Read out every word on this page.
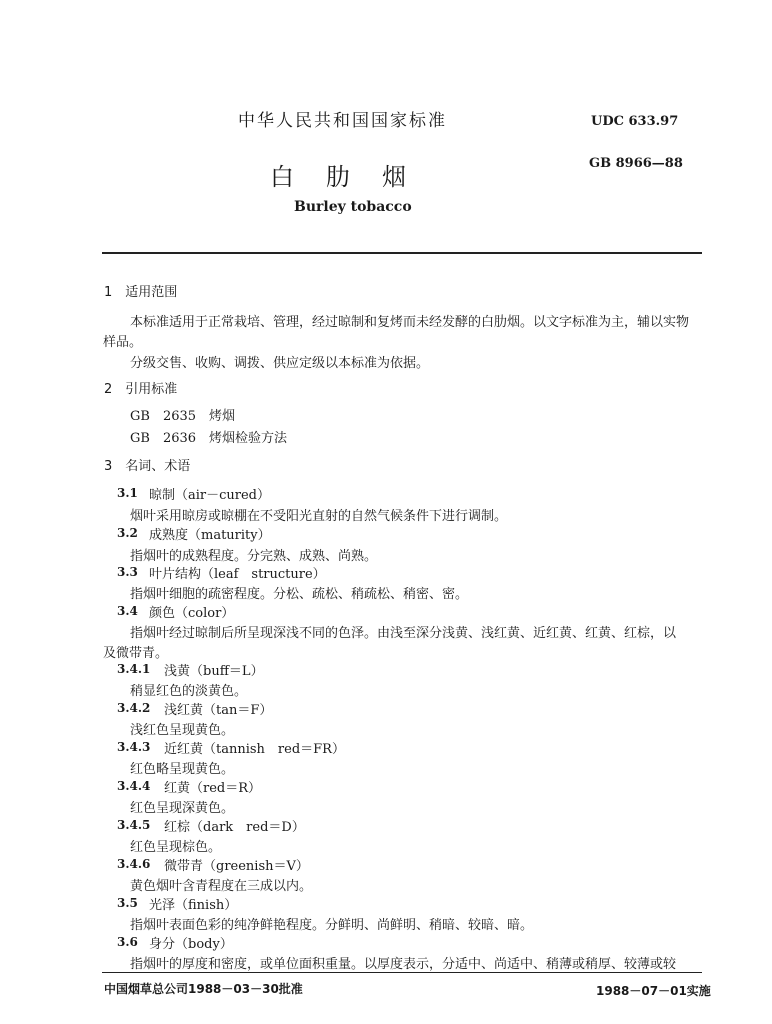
中华人民共和国国家标准	UDC 633.97
GB 8966—88
白　肋　烟
Burley tobacco
1　适用范围
本标准适用于正常栽培、管理，经过晾制和复烤而未经发酵的白肋烟。以文字标准为主，辅以实物
样品。
分级交售、收购、调拨、供应定级以本标准为依据。
2　引用标准
GB　2635　烤烟
GB　2636　烤烟检验方法
3　名词、术语
3.1 晾制（air－cured）
烟叶采用晾房或晾棚在不受阳光直射的自然气候条件下进行调制。
3.2 成熟度（maturity）
指烟叶的成熟程度。分完熟、成熟、尚熟。
3.3 叶片结构（leaf　structure）
指烟叶细胞的疏密程度。分松、疏松、稍疏松、稍密、密。
3.4 颜色（color）
指烟叶经过晾制后所呈现深浅不同的色泽。由浅至深分浅黄、浅红黄、近红黄、红黄、红棕，以
及微带青。
3.4.1 浅黄（buff＝L）
稍显红色的淡黄色。
3.4.2 浅红黄（tan＝F）
浅红色呈现黄色。
3.4.3 近红黄（tannish　red＝FR）
红色略呈现黄色。
3.4.4 红黄（red＝R）
红色呈现深黄色。
3.4.5 红棕（dark　red＝D）
红色呈现棕色。
3.4.6 微带青（greenish＝V）
黄色烟叶含青程度在三成以内。
3.5 光泽（finish）
指烟叶表面色彩的纯净鲜艳程度。分鲜明、尚鲜明、稍暗、较暗、暗。
3.6 身分（body）
指烟叶的厚度和密度，或单位面积重量。以厚度表示，分适中、尚适中、稍薄或稍厚、较薄或较
中国烟草总公司1988－03－30批准	1988－07－01实施
